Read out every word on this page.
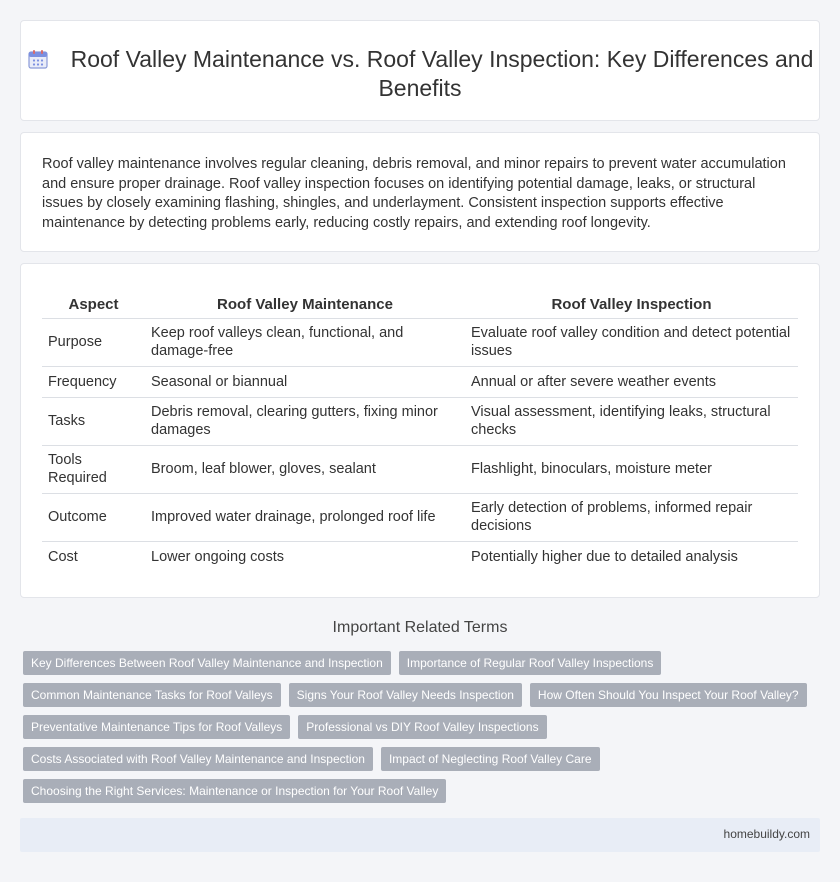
Roof Valley Maintenance vs. Roof Valley Inspection: Key Differences and Benefits

Roof valley maintenance involves regular cleaning, debris removal, and minor repairs to prevent water accumulation and ensure proper drainage. Roof valley inspection focuses on identifying potential damage, leaks, or structural issues by closely examining flashing, shingles, and underlayment. Consistent inspection supports effective maintenance by detecting problems early, reducing costly repairs, and extending roof longevity.

Aspect	Roof Valley Maintenance	Roof Valley Inspection
Purpose	Keep roof valleys clean, functional, and damage-free	Evaluate roof valley condition and detect potential issues
Frequency	Seasonal or biannual	Annual or after severe weather events
Tasks	Debris removal, clearing gutters, fixing minor damages	Visual assessment, identifying leaks, structural checks
Tools Required	Broom, leaf blower, gloves, sealant	Flashlight, binoculars, moisture meter
Outcome	Improved water drainage, prolonged roof life	Early detection of problems, informed repair decisions
Cost	Lower ongoing costs	Potentially higher due to detailed analysis
Important Related Terms
Key Differences Between Roof Valley Maintenance and Inspection	Importance of Regular Roof Valley Inspections
Common Maintenance Tasks for Roof Valleys	Signs Your Roof Valley Needs Inspection	How Often Should You Inspect Your Roof Valley?
Preventative Maintenance Tips for Roof Valleys	Professional vs DIY Roof Valley Inspections
Costs Associated with Roof Valley Maintenance and Inspection	Impact of Neglecting Roof Valley Care
Choosing the Right Services: Maintenance or Inspection for Your Roof Valley
homebuildy.com
